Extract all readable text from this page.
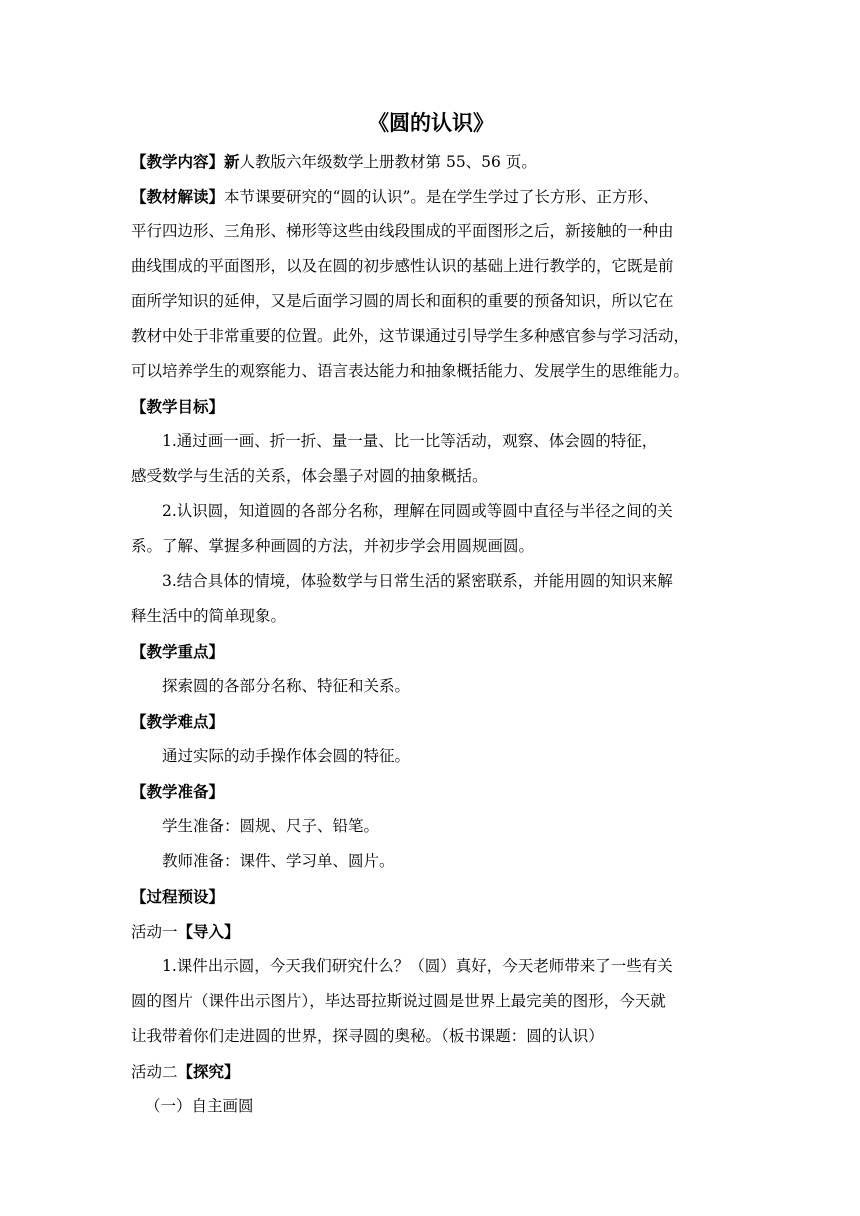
《圆的认识》
【教学内容】新人教版六年级数学上册教材第 55、56 页。
【教材解读】本节课要研究的“圆的认识”。是在学生学过了长方形、正方形、
平行四边形、三角形、梯形等这些由线段围成的平面图形之后，新接触的一种由
曲线围成的平面图形，以及在圆的初步感性认识的基础上进行教学的，它既是前
面所学知识的延伸，又是后面学习圆的周长和面积的重要的预备知识，所以它在
教材中处于非常重要的位置。此外，这节课通过引导学生多种感官参与学习活动，
可以培养学生的观察能力、语言表达能力和抽象概括能力、发展学生的思维能力。
【教学目标】
1.通过画一画、折一折、量一量、比一比等活动，观察、体会圆的特征，
感受数学与生活的关系，体会墨子对圆的抽象概括。
2.认识圆，知道圆的各部分名称，理解在同圆或等圆中直径与半径之间的关
系。了解、掌握多种画圆的方法，并初步学会用圆规画圆。
3.结合具体的情境，体验数学与日常生活的紧密联系，并能用圆的知识来解
释生活中的简单现象。
【教学重点】
探索圆的各部分名称、特征和关系。
【教学难点】
通过实际的动手操作体会圆的特征。
【教学准备】
学生准备：圆规、尺子、铅笔。
教师准备：课件、学习单、圆片。
【过程预设】
活动一【导入】
1.课件出示圆，今天我们研究什么？（圆）真好，今天老师带来了一些有关
圆的图片（课件出示图片），毕达哥拉斯说过圆是世界上最完美的图形，今天就
让我带着你们走进圆的世界，探寻圆的奥秘。（板书课题：圆的认识）
活动二【探究】
（一）自主画圆
